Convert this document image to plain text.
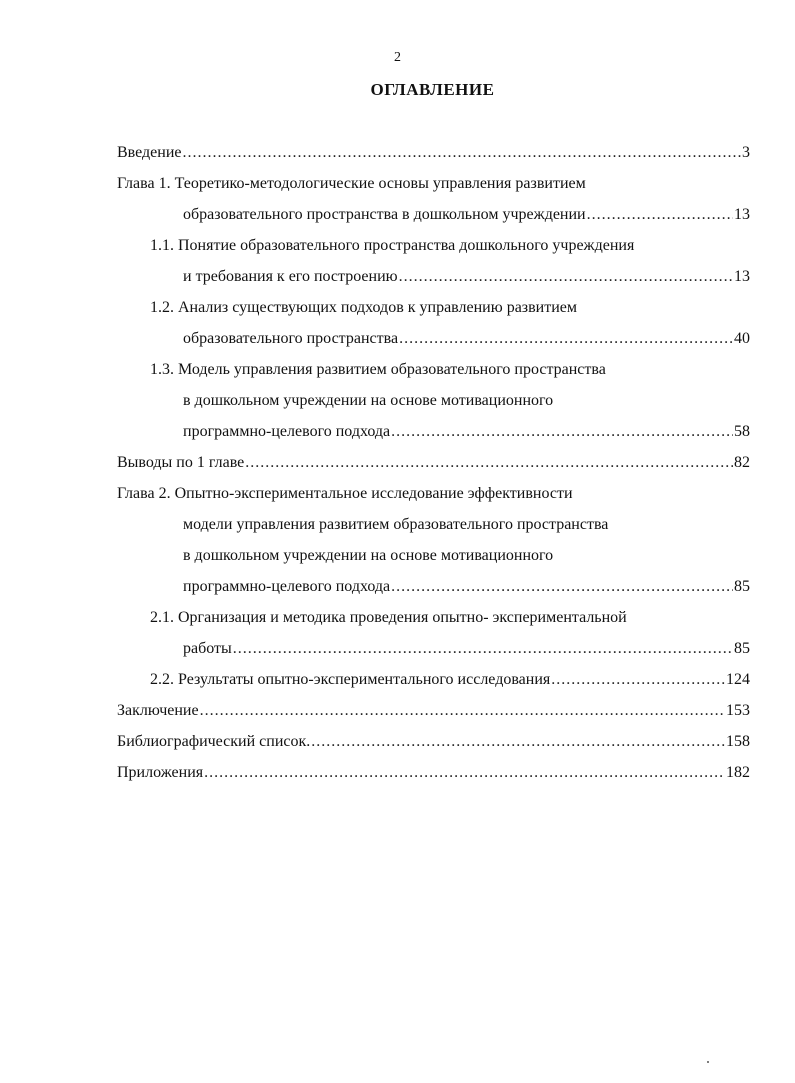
2
ОГЛАВЛЕНИЕ
Введение .....	3
Глава 1. Теоретико-методологические основы управления развитием
образовательного пространства в дошкольном учреждении .....	13
1.1. Понятие образовательного пространства дошкольного учреждения
и требования к его построению .....	13
1.2. Анализ существующих подходов к управлению развитием
образовательного пространства .....	40
1.3. Модель управления развитием образовательного пространства
в дошкольном учреждении на основе мотивационного
программно-целевого подхода .....	58
Выводы по 1 главе .....	82
Глава 2. Опытно-экспериментальное исследование эффективности
модели управления развитием образовательного пространства
в дошкольном учреждении на основе мотивационного
программно-целевого подхода .....	85
2.1. Организация и методика проведения опытно- экспериментальной
работы .....	85
2.2. Результаты опытно-экспериментального исследования .....	124
Заключение .....	153
Библиографический список. .....	158
Приложения .....	182
